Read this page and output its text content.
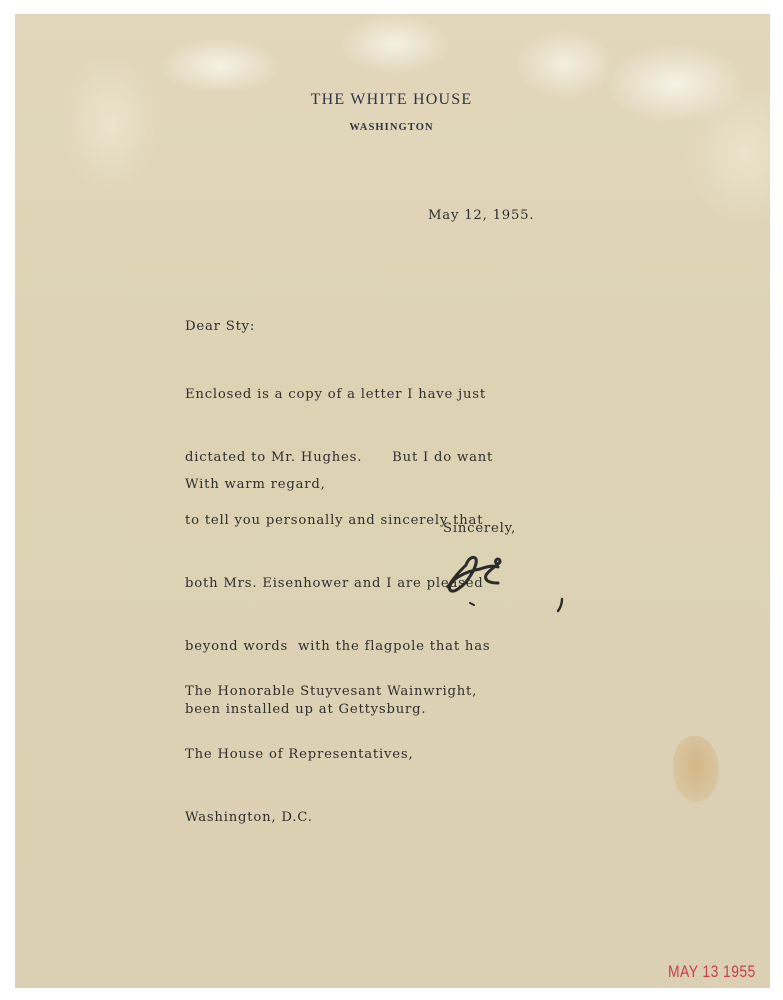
THE WHITE HOUSE
WASHINGTON
May 12, 1955.
Dear Sty:

Enclosed is a copy of a letter I have just

dictated to Mr. Hughes.      But I do want

to tell you personally and sincerely that

both Mrs. Eisenhower and I are pleased

beyond words  with the flagpole that has

been installed up at Gettysburg.

With warm regard,
Sincerely,

The Honorable Stuyvesant Wainwright,

The House of Representatives,

Washington, D.C.

MAY 13 1955
